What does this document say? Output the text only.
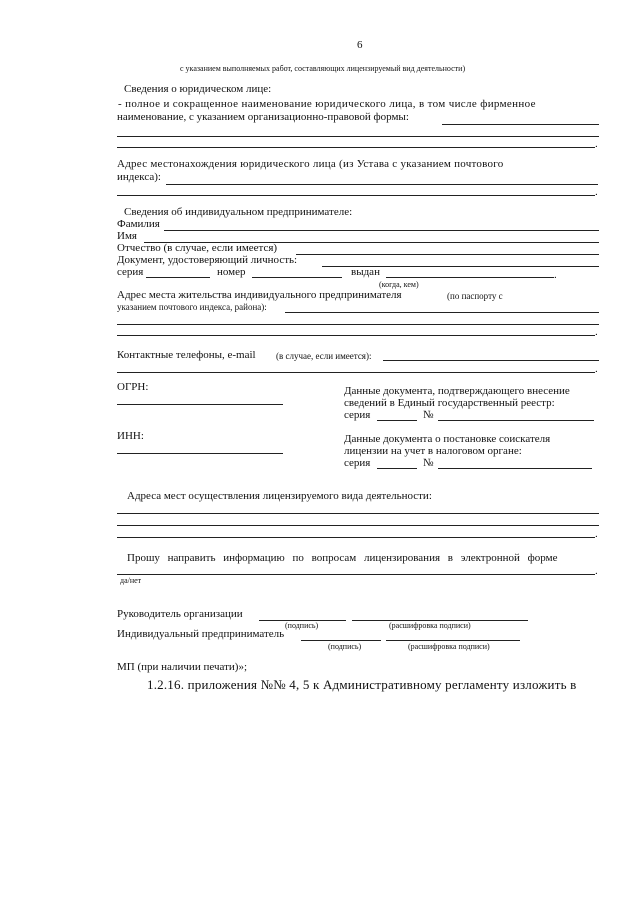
6
с указанием выполняемых работ, составляющих лицензируемый вид деятельности)
Сведения о юридическом лице:
- полное и сокращенное наименование юридического лица, в том числе фирменное
наименование, с указанием организационно-правовой формы:
.
Адрес местонахождения юридического лица (из Устава с указанием почтового
индекса):
.
Сведения об индивидуальном предпринимателе:
Фамилия
Имя
Отчество (в случае, если имеется)
Документ, удостоверяющий личность:
серия	номер	выдан	.
(когда, кем)
Адрес места жительства индивидуального предпринимателя	(по паспорту с
указанием почтового индекса, района):
.
Контактные телефоны, e-mail (в случае, если имеется):
.
ОГРН:	Данные документа, подтверждающего внесение
сведений в Единый государственный реестр:
серия	№
ИНН:	Данные документа о постановке соискателя
лицензии на учет в налоговом органе:
серия	№
Адреса мест осуществления лицензируемого вида деятельности:
.
Прошу направить информацию по вопросам лицензирования в электронной форме
.
да/нет
Руководитель организации
(подпись)	(расшифровка подписи)
Индивидуальный предприниматель
(подпись)	(расшифровка подписи)
МП (при наличии печати)»;
1.2.16. приложения №№ 4, 5 к Административному регламенту изложить в
